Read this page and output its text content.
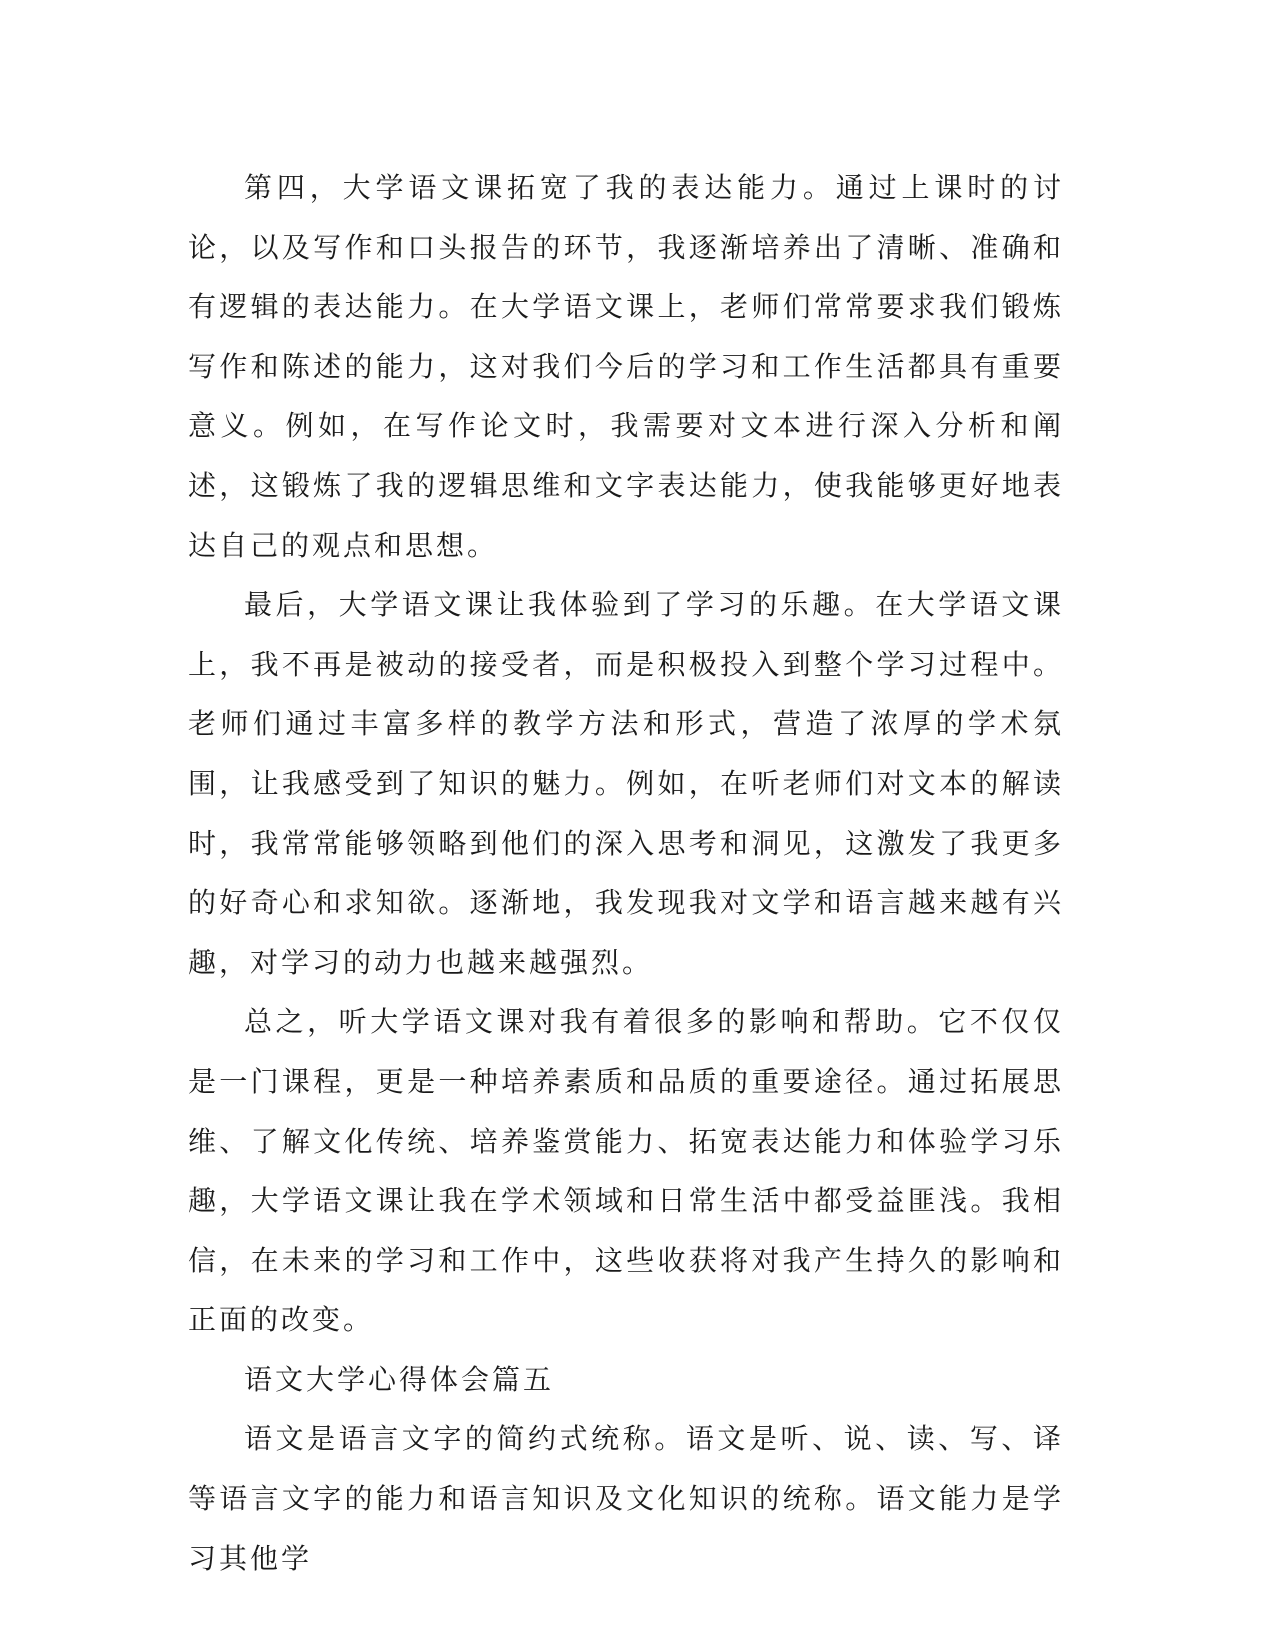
第四，大学语文课拓宽了我的表达能力。通过上课时的讨论，以及写作和口头报告的环节，我逐渐培养出了清晰、准确和有逻辑的表达能力。在大学语文课上，老师们常常要求我们锻炼写作和陈述的能力，这对我们今后的学习和工作生活都具有重要意义。例如，在写作论文时，我需要对文本进行深入分析和阐述，这锻炼了我的逻辑思维和文字表达能力，使我能够更好地表达自己的观点和思想。

最后，大学语文课让我体验到了学习的乐趣。在大学语文课上，我不再是被动的接受者，而是积极投入到整个学习过程中。老师们通过丰富多样的教学方法和形式，营造了浓厚的学术氛围，让我感受到了知识的魅力。例如，在听老师们对文本的解读时，我常常能够领略到他们的深入思考和洞见，这激发了我更多的好奇心和求知欲。逐渐地，我发现我对文学和语言越来越有兴趣，对学习的动力也越来越强烈。

总之，听大学语文课对我有着很多的影响和帮助。它不仅仅是一门课程，更是一种培养素质和品质的重要途径。通过拓展思维、了解文化传统、培养鉴赏能力、拓宽表达能力和体验学习乐趣，大学语文课让我在学术领域和日常生活中都受益匪浅。我相信，在未来的学习和工作中，这些收获将对我产生持久的影响和正面的改变。

语文大学心得体会篇五

语文是语言文字的简约式统称。语文是听、说、读、写、译等语言文字的能力和语言知识及文化知识的统称。语文能力是学习其他学
